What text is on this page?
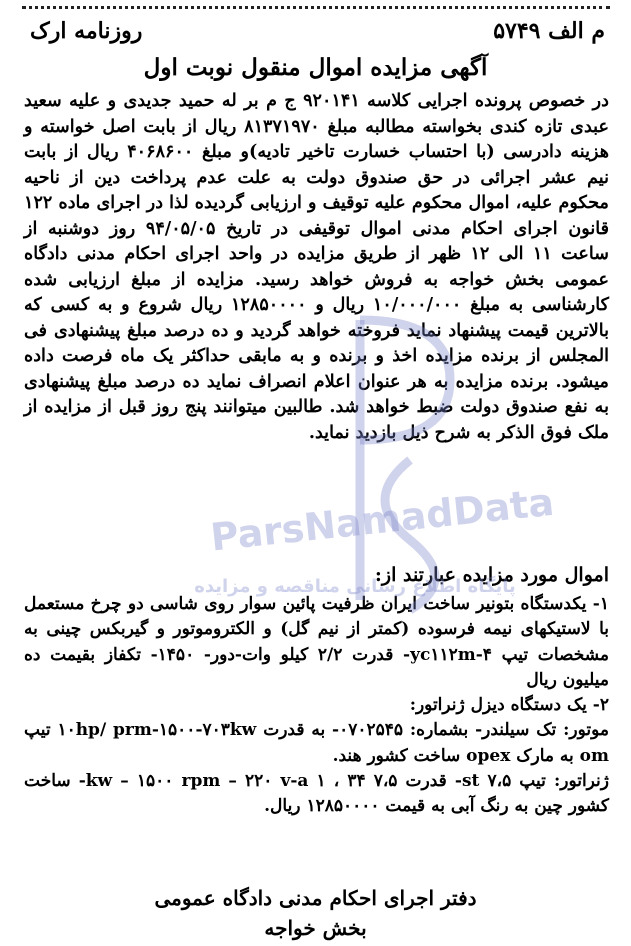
م الف ۵۷۴۹
روزنامه ارک
آگهی مزایده اموال منقول نوبت اول

در خصوص پرونده اجرایی کلاسه ۹۲۰۱۴۱ ج م بر له حمید جدیدی و علیه سعید عبدی تازه کندی بخواسته مطالبه مبلغ ۸۱۳۷۱۹۷۰ ریال از بابت اصل خواسته و هزینه دادرسی (با احتساب خسارت تاخیر تادیه)و مبلغ ۴۰۶۸۶۰۰ ریال از بابت نیم عشر اجرائی در حق صندوق دولت به علت عدم پرداخت دین از ناحیه محکوم علیه، اموال محکوم علیه توقیف و ارزیابی گردیده لذا در اجرای ماده ۱۲۲ قانون اجرای احکام مدنی اموال توقیفی در تاریخ ۹۴/۰۵/۰۵ روز دوشنبه از ساعت ۱۱ الی ۱۲ ظهر از طریق مزایده در واحد اجرای احکام مدنی دادگاه عمومی بخش خواجه به فروش خواهد رسید. مزایده از مبلغ ارزیابی شده کارشناسی به مبلغ ۱۰/۰۰۰/۰۰۰ ریال و ۱۲۸۵۰۰۰۰ ریال شروع و به کسی که بالاترین قیمت پیشنهاد نماید فروخته خواهد گردید و ده درصد مبلغ پیشنهادی فی المجلس از برنده مزایده اخذ و برنده و به مابقی حداکثر یک ماه فرصت داده میشود. برنده مزایده به هر عنوان اعلام انصراف نماید ده درصد مبلغ پیشنهادی به نفع صندوق دولت ضبط خواهد شد. طالبین میتوانند پنج روز قبل از مزایده از ملک فوق الذکر به شرح ذیل بازدید نماید.

اموال مورد مزایده عبارتند از:

۱- یکدستگاه بتونیر ساخت ایران ظرفیت پائین سوار روی شاسی دو چرخ مستعمل با لاستیکهای نیمه فرسوده (کمتر از نیم گل) و الکتروموتور و گیربکس چینی به مشخصات تیپ yc۱۱۲m-۴- قدرت ۲/۲ کیلو وات-دور- ۱۴۵۰- تکفاز بقیمت ده میلیون ریال

۲- یک دستگاه دیزل ژنراتور:

موتور: تک سیلندر- بشماره: ۰۷۰۲۵۴۵- به قدرت ۱۰hp/ prm-۱۵۰۰-۷۰۳kw تیپ om به مارک opex ساخت کشور هند.

ژنراتور: تیپ st ۷،۵- قدرت ۷،۵ kw – ۱۵۰۰ rpm – ۲۲۰ v-a ۱ ، ۳۴- ساخت کشور چین به رنگ آبی به قیمت ۱۲۸۵۰۰۰۰ ریال.

دفتر اجرای احکام مدنی دادگاه عمومی
بخش خواجه
ParsNamadData
پایگاه اطلاع رسانی مناقصه و مزایده
